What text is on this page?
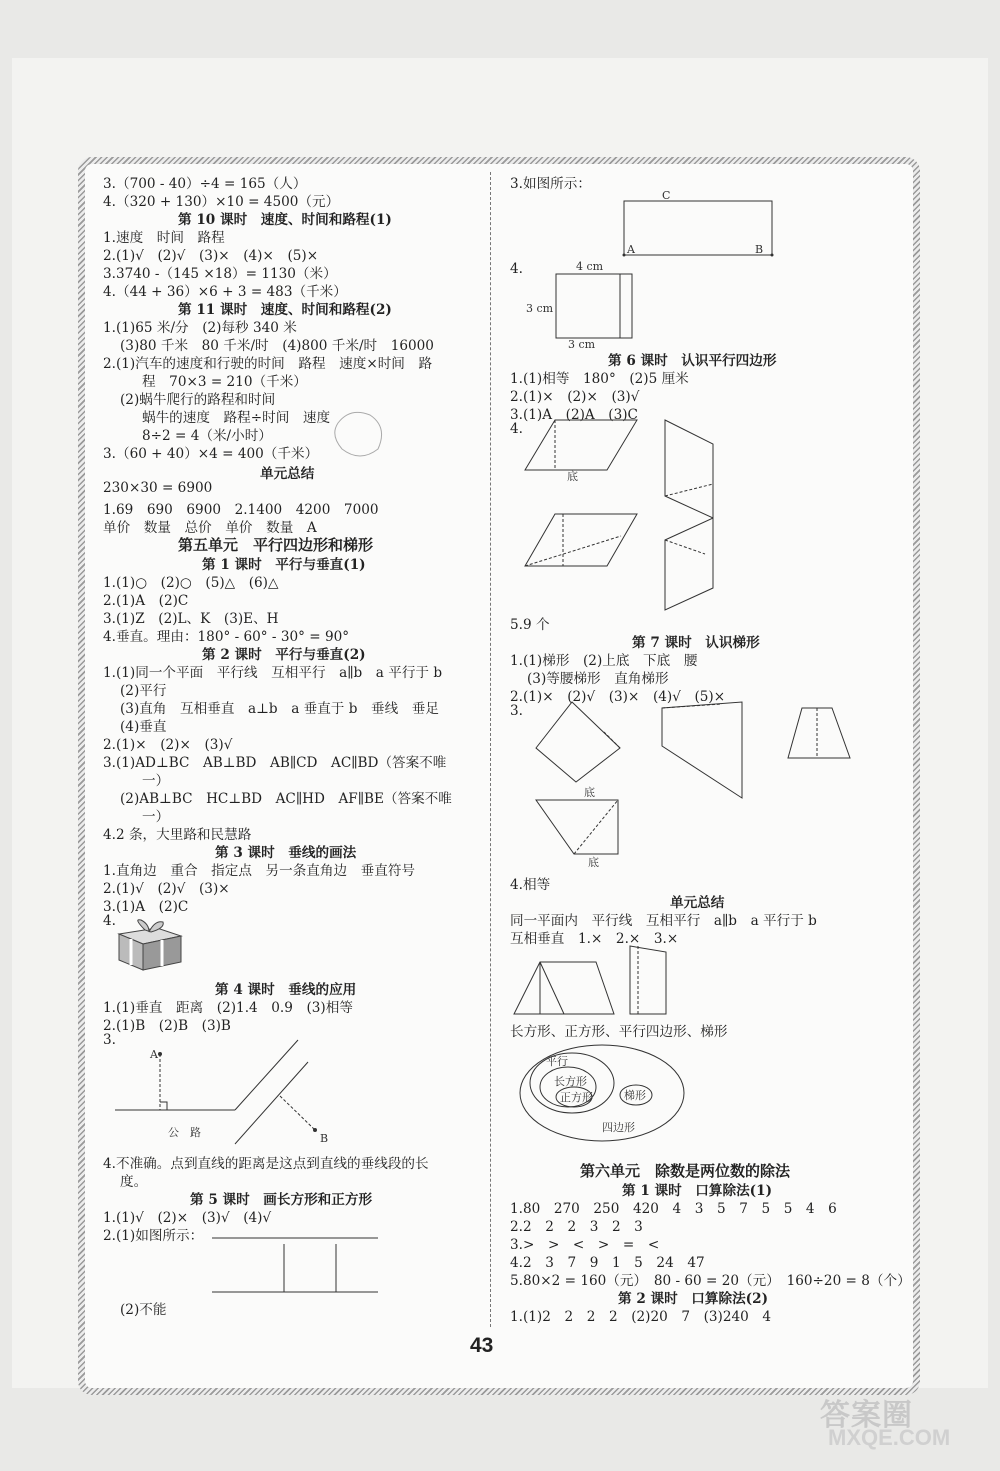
3.（700 - 40）÷4 = 165（人）
4.（320 + 130）×10 = 4500（元）
第 10 课时　速度、时间和路程(1)
1.速度　时间　路程
2.(1)√　(2)√　(3)×　(4)×　(5)×
3.3740 -（145 ×18）= 1130（米）
4.（44 + 36）×6 + 3 = 483（千米）
第 11 课时　速度、时间和路程(2)
1.(1)65 米/分　(2)每秒 340 米
(3)80 千米　80 千米/时　(4)800 千米/时　16000
2.(1)汽车的速度和行驶的时间　路程　速度×时间　路
程　70×3 = 210（千米）
(2)蜗牛爬行的路程和时间
蜗牛的速度　路程÷时间　速度
8÷2 = 4（米/小时）
3.（60 + 40）×4 = 400（千米）
单元总结
230×30 = 6900
1.69　690　6900　2.1400　4200　7000
单价　数量　总价　单价　数量　A
第五单元　平行四边形和梯形
第 1 课时　平行与垂直(1)
1.(1)○　(2)○　(5)△　(6)△
2.(1)A　(2)C
3.(1)Z　(2)L、K　(3)E、H
4.垂直。理由：180° - 60° - 30° = 90°
第 2 课时　平行与垂直(2)
1.(1)同一个平面　平行线　互相平行　a∥b　a 平行于 b
(2)平行
(3)直角　互相垂直　a⊥b　a 垂直于 b　垂线　垂足
(4)垂直
2.(1)×　(2)×　(3)√
3.(1)AD⊥BC　AB⊥BD　AB∥CD　AC∥BD（答案不唯
一）
(2)AB⊥BC　HC⊥BD　AC∥HD　AF∥BE（答案不唯
一）
4.2 条，大里路和民慧路
第 3 课时　垂线的画法
1.直角边　重合　指定点　另一条直角边　垂直符号
2.(1)√　(2)√　(3)×
3.(1)A　(2)C
4.
第 4 课时　垂线的应用
1.(1)垂直　距离　(2)1.4　0.9　(3)相等
2.(1)B　(2)B　(3)B
3.
A
B
公　路
4.不准确。点到直线的距离是这点到直线的垂线段的长
度。
第 5 课时　画长方形和正方形
1.(1)√　(2)×　(3)√　(4)√
2.(1)如图所示：
(2)不能
3.如图所示：
C
A	B
4.	4 cm
3 cm
3 cm
第 6 课时　认识平行四边形
1.(1)相等　180°　(2)5 厘米
2.(1)×　(2)×　(3)√
3.(1)A　(2)A　(3)C
4.
底
5.9 个
第 7 课时　认识梯形
1.(1)梯形　(2)上底　下底　腰
(3)等腰梯形　直角梯形
2.(1)×　(2)√　(3)×　(4)√　(5)×
3.
底
底
4.相等
单元总结
同一平面内　平行线　互相平行　a∥b　a 平行于 b
互相垂直　1.×　2.×　3.×
长方形、正方形、平行四边形、梯形
平行
长方形
正方形	梯形
四边形
第六单元　除数是两位数的除法
第 1 课时　口算除法(1)
1.80　270　250　420　4　3　5　7　5　5　4　6
2.2　2　2　3　2　3
3.>　>　<　>　=　<
4.2　3　7　9　1　5　24　47
5.80×2 = 160（元）　80 - 60 = 20（元）　160÷20 = 8（个）
第 2 课时　口算除法(2)
1.(1)2　2　2　2　(2)20　7　(3)240　4
43
答案圈
MXQE.COM
